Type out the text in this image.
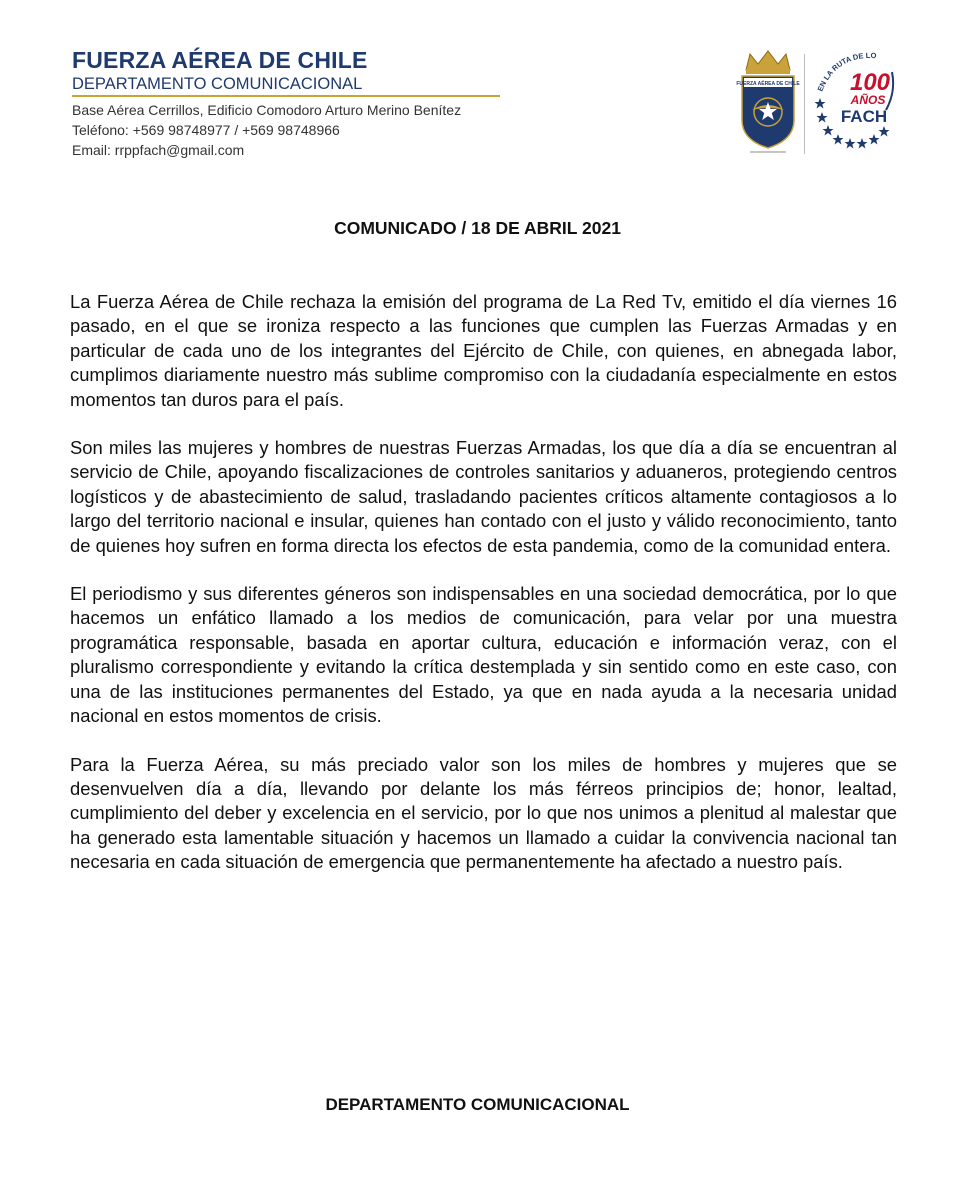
FUERZA AÉREA DE CHILE
DEPARTAMENTO COMUNICACIONAL
Base Aérea Cerrillos, Edificio Comodoro Arturo Merino Benítez
Teléfono: +569 98748977 / +569 98748966
Email: rrppfach@gmail.com
FUERZA AÉREA DE CHILE
EN LA RUTA DE LO
100
AÑOS
FACH
COMUNICADO / 18 DE ABRIL 2021

La Fuerza Aérea de Chile rechaza la emisión del programa de La Red Tv, emitido el día viernes 16 pasado, en el que se ironiza respecto a las funciones que cumplen las Fuerzas Armadas y en particular de cada uno de los integrantes del Ejército de Chile, con quienes, en abnegada labor, cumplimos diariamente nuestro más sublime compromiso con la ciudadanía especialmente en estos momentos tan duros para el país.

Son miles las mujeres y hombres de nuestras Fuerzas Armadas, los que día a día se encuentran al servicio de Chile, apoyando fiscalizaciones de controles sanitarios y aduaneros, protegiendo centros logísticos y de abastecimiento de salud, trasladando pacientes críticos altamente contagiosos a lo largo del territorio nacional e insular, quienes han contado con el justo y válido reconocimiento, tanto de quienes hoy sufren en forma directa los efectos de esta pandemia, como de la comunidad entera.

El periodismo y sus diferentes géneros son indispensables en una sociedad democrática, por lo que hacemos un enfático llamado a los medios de comunicación, para velar por una muestra programática responsable, basada en aportar cultura, educación e información veraz, con el pluralismo correspondiente y evitando la crítica destemplada y sin sentido como en este caso, con una de las instituciones permanentes del Estado, ya que en nada ayuda a la necesaria unidad nacional en estos momentos de crisis.

Para la Fuerza Aérea, su más preciado valor son los miles de hombres y mujeres que se desenvuelven día a día, llevando por delante los más férreos principios de; honor, lealtad, cumplimiento del deber y excelencia en el servicio, por lo que nos unimos a plenitud al malestar que ha generado esta lamentable situación y hacemos un llamado a cuidar la convivencia nacional tan necesaria en cada situación de emergencia que permanentemente ha afectado a nuestro país.

DEPARTAMENTO COMUNICACIONAL
